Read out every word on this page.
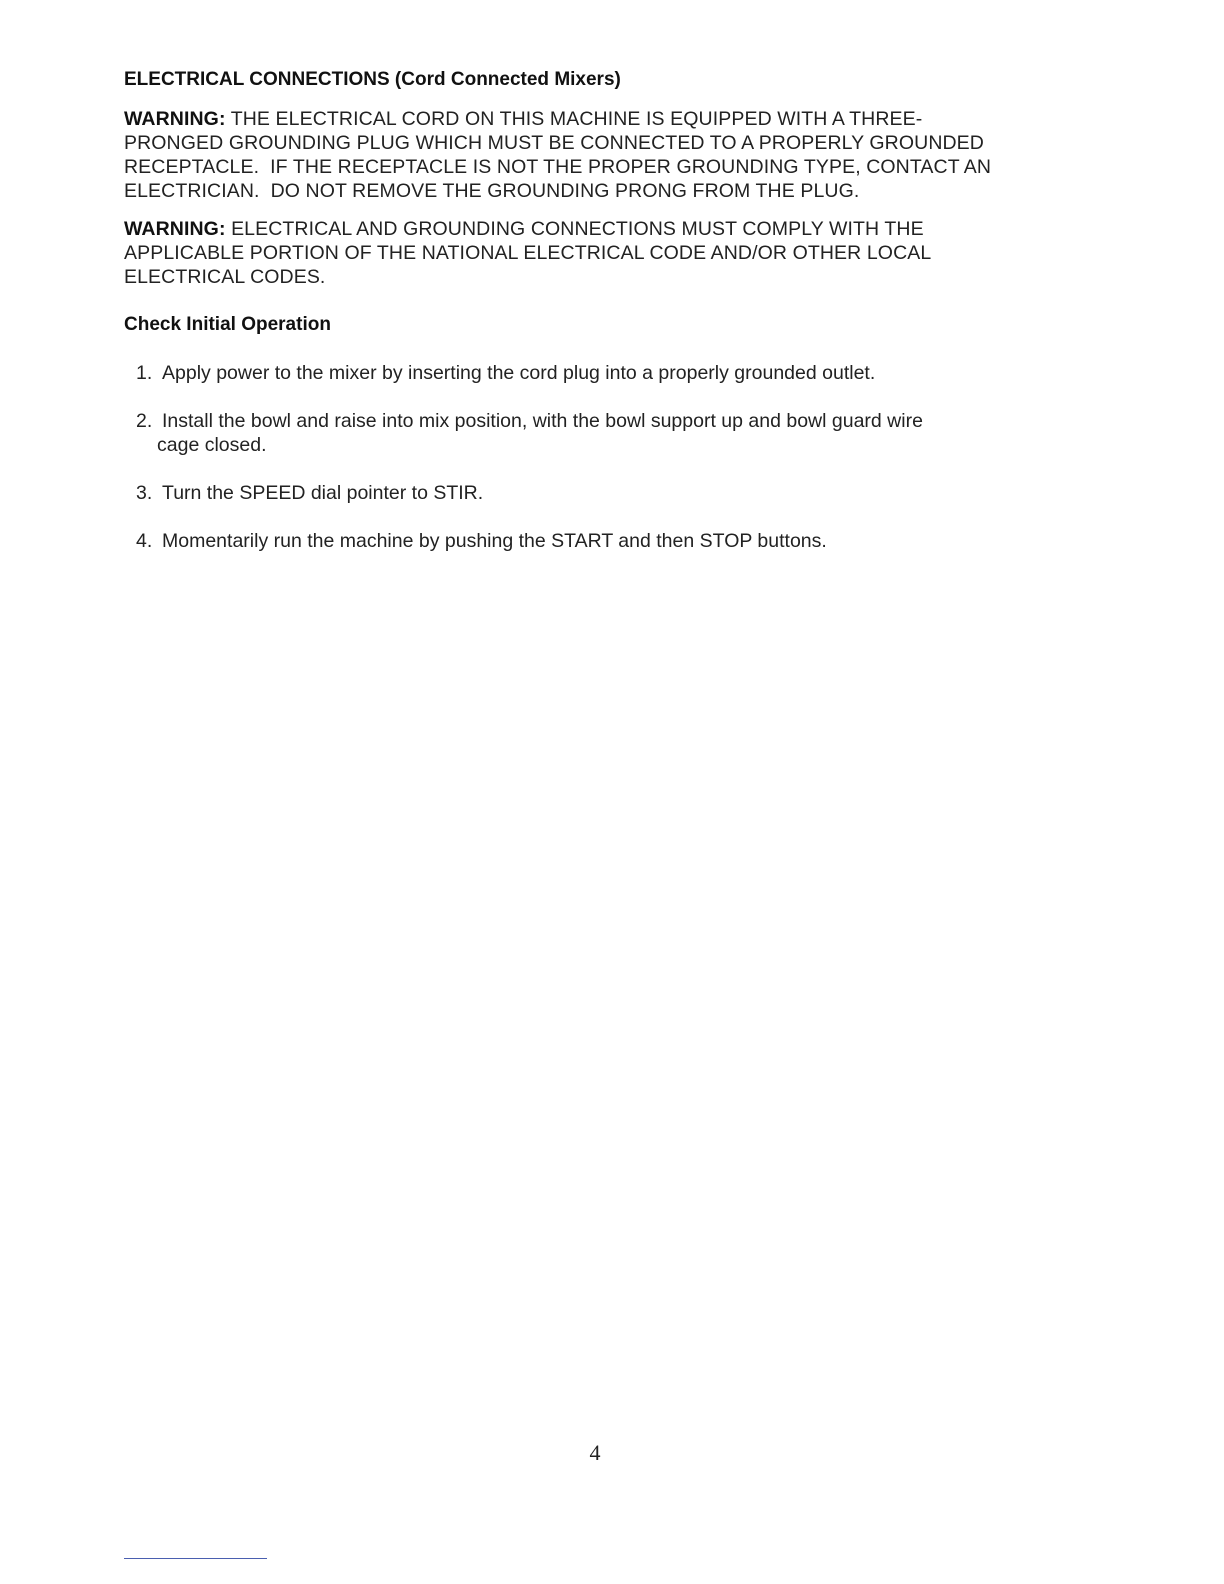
ELECTRICAL CONNECTIONS (Cord Connected Mixers)

WARNING: THE ELECTRICAL CORD ON THIS MACHINE IS EQUIPPED WITH A THREE-
PRONGED GROUNDING PLUG WHICH MUST BE CONNECTED TO A PROPERLY GROUNDED
RECEPTACLE.  IF THE RECEPTACLE IS NOT THE PROPER GROUNDING TYPE, CONTACT AN
ELECTRICIAN.  DO NOT REMOVE THE GROUNDING PRONG FROM THE PLUG.

WARNING: ELECTRICAL AND GROUNDING CONNECTIONS MUST COMPLY WITH THE
APPLICABLE PORTION OF THE NATIONAL ELECTRICAL CODE AND/OR OTHER LOCAL
ELECTRICAL CODES.

Check Initial Operation
1. Apply power to the mixer by inserting the cord plug into a properly grounded outlet.
2. Install the bowl and raise into mix position, with the bowl support up and bowl guard wire
cage closed.
3. Turn the SPEED dial pointer to STIR.
4. Momentarily run the machine by pushing the START and then STOP buttons.
4
